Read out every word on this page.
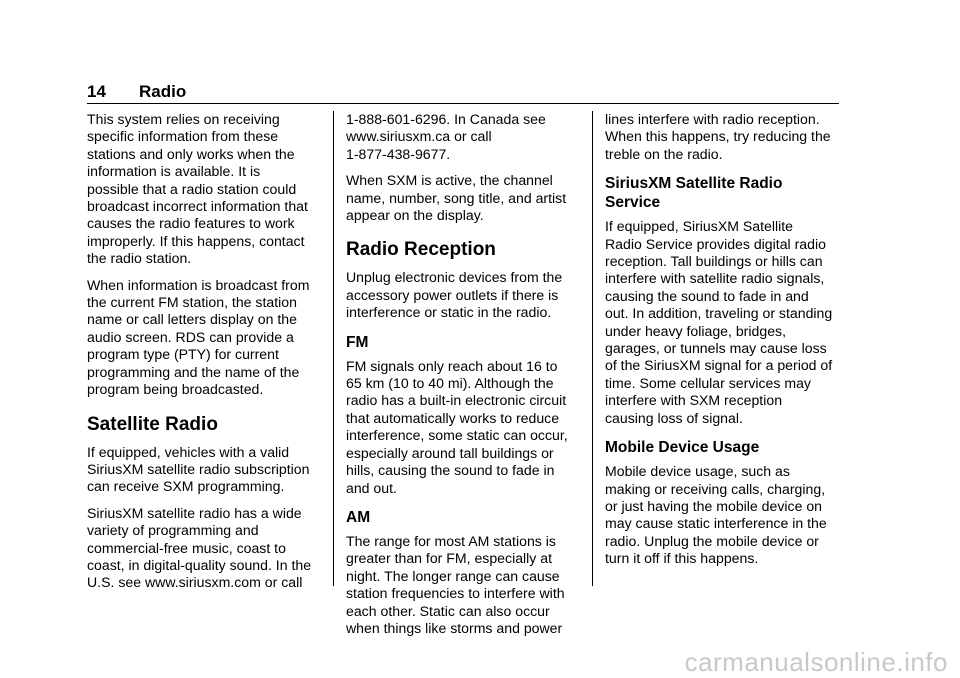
14 Radio

This system relies on receiving
specific information from these
stations and only works when the
information is available. It is
possible that a radio station could
broadcast incorrect information that
causes the radio features to work
improperly. If this happens, contact
the radio station.

When information is broadcast from
the current FM station, the station
name or call letters display on the
audio screen. RDS can provide a
program type (PTY) for current
programming and the name of the
program being broadcasted.

Satellite Radio

If equipped, vehicles with a valid
SiriusXM satellite radio subscription
can receive SXM programming.

SiriusXM satellite radio has a wide
variety of programming and
commercial-free music, coast to
coast, in digital-quality sound. In the
U.S. see www.siriusxm.com or call

1-888-601-6296. In Canada see
www.siriusxm.ca or call
1-877-438-9677.

When SXM is active, the channel
name, number, song title, and artist
appear on the display.

Radio Reception

Unplug electronic devices from the
accessory power outlets if there is
interference or static in the radio.

FM

FM signals only reach about 16 to
65 km (10 to 40 mi). Although the
radio has a built-in electronic circuit
that automatically works to reduce
interference, some static can occur,
especially around tall buildings or
hills, causing the sound to fade in
and out.

AM

The range for most AM stations is
greater than for FM, especially at
night. The longer range can cause
station frequencies to interfere with
each other. Static can also occur
when things like storms and power

lines interfere with radio reception.
When this happens, try reducing the
treble on the radio.

SiriusXM Satellite Radio
Service

If equipped, SiriusXM Satellite
Radio Service provides digital radio
reception. Tall buildings or hills can
interfere with satellite radio signals,
causing the sound to fade in and
out. In addition, traveling or standing
under heavy foliage, bridges,
garages, or tunnels may cause loss
of the SiriusXM signal for a period of
time. Some cellular services may
interfere with SXM reception
causing loss of signal.

Mobile Device Usage

Mobile device usage, such as
making or receiving calls, charging,
or just having the mobile device on
may cause static interference in the
radio. Unplug the mobile device or
turn it off if this happens.

carmanualsonline.info
